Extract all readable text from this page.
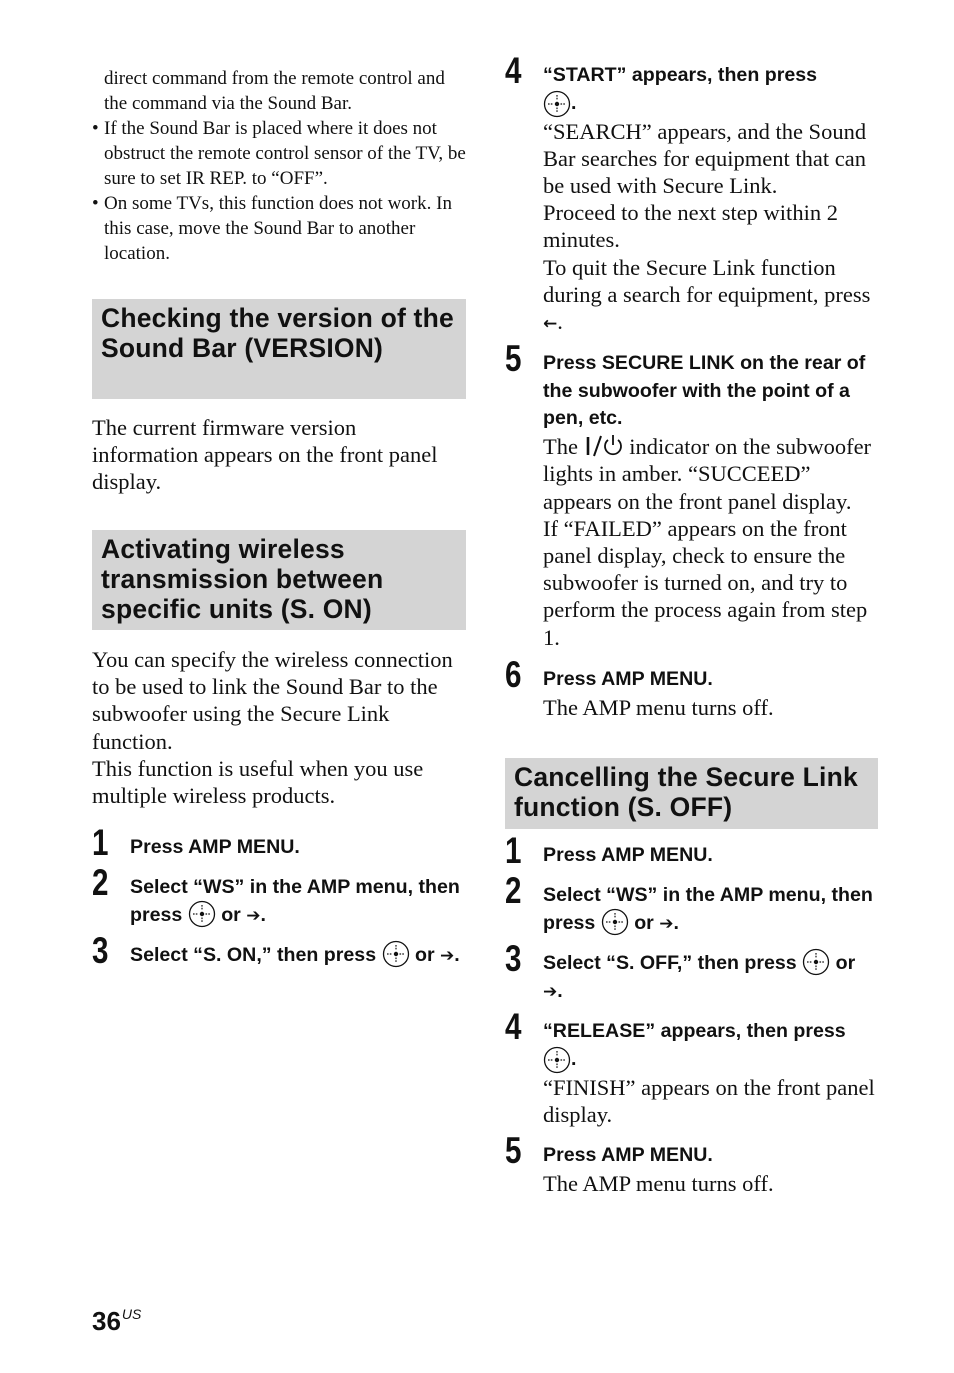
direct command from the remote control and the command via the Sound Bar.

• If the Sound Bar is placed where it does not obstruct the remote control sensor of the TV, be sure to set IR REP. to “OFF”.

• On some TVs, this function does not work. In this case, move the Sound Bar to another location.

Checking the version of the Sound Bar (VERSION)

The current firmware version information appears on the front panel display.

Activating wireless transmission between specific units (S. ON)

You can specify the wireless connection to be used to link the Sound Bar to the subwoofer using the Secure Link function.

This function is useful when you use multiple wireless products.

1 Press AMP MENU.
2 Select “WS” in the AMP menu, then press or ➔.
3 Select “S. ON,” then press or ➔.
4 “START” appears, then press
.

“SEARCH” appears, and the Sound Bar searches for equipment that can be used with Secure Link.

Proceed to the next step within 2 minutes.

To quit the Secure Link function during a search for equipment, press ←.

5 Press SECURE LINK on the rear of the subwoofer with the point of a pen, etc.

The indicator on the subwoofer lights in amber. “SUCCEED” appears on the front panel display.

If “FAILED” appears on the front panel display, check to ensure the subwoofer is turned on, and try to perform the process again from step 1.

6 Press AMP MENU.

The AMP menu turns off.

Cancelling the Secure Link function (S. OFF)
1 Press AMP MENU.
2 Select “WS” in the AMP menu, then press or ➔.
3 Select “S. OFF,” then press or ➔.
4 “RELEASE” appears, then press
.

“FINISH” appears on the front panel display.

5 Press AMP MENU.

The AMP menu turns off.

$36^{US}$
